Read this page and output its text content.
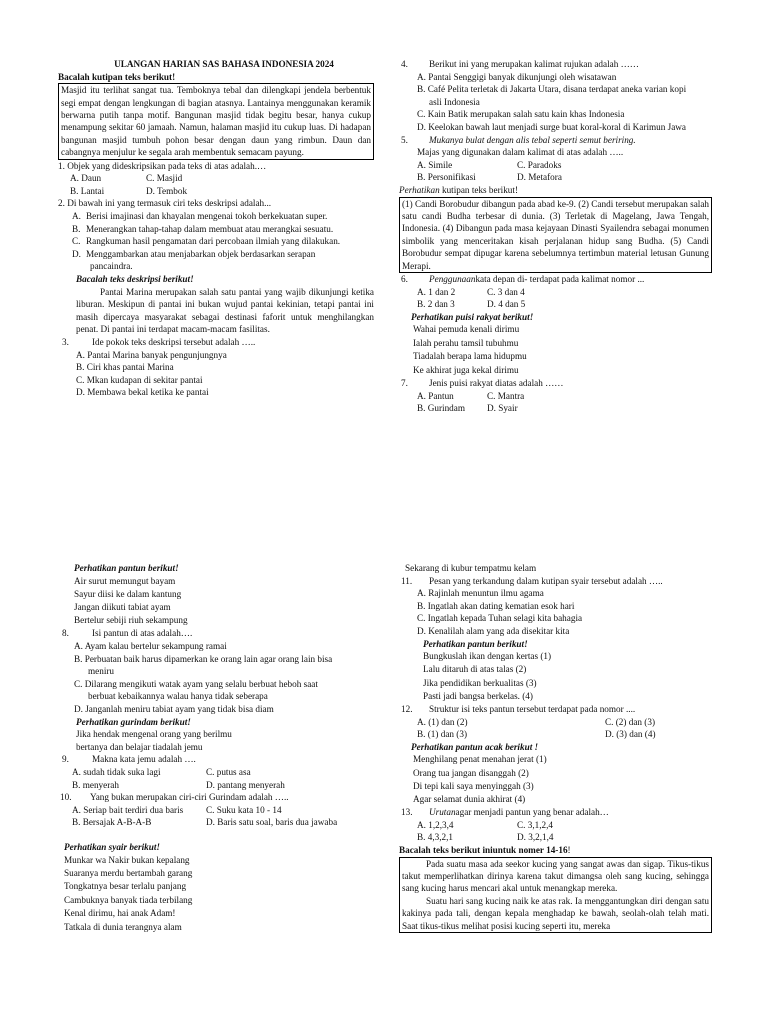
ULANGAN HARIAN SAS BAHASA INDONESIA 2024
Bacalah kutipan teks berikut!
Masjid itu terlihat sangat tua. Temboknya tebal dan dilengkapi jendela berbentuk segi empat dengan lengkungan di bagian atasnya. Lantainya menggunakan keramik berwarna putih tanpa motif. Bangunan masjid tidak begitu besar, hanya cukup menampung sekitar 60 jamaah. Namun, halaman masjid itu cukup luas. Di hadapan bangunan masjid tumbuh pohon besar dengan daun yang rimbun. Daun dan cabangnya menjulur ke segala arah membentuk semacam payung.
1. Objek yang dideskripsikan pada teks di atas adalah.…
A. Daun	C. Masjid
B. Lantai	D. Tembok
2. Di bawah ini yang termasuk ciri teks deskripsi adalah...
A. Berisi imajinasi dan khayalan mengenai tokoh berkekuatan super.
B. Menerangkan tahap-tahap dalam membuat atau merangkai sesuatu.
C. Rangkuman hasil pengamatan dari percobaan ilmiah yang dilakukan.
D. Menggambarkan atau menjabarkan objek berdasarkan serapan
pancaindra.
Bacalah teks deskripsi berikut!
Pantai Marina merupakan salah satu pantai yang wajib dikunjungi ketika liburan. Meskipun di pantai ini bukan wujud pantai kekinian, tetapi pantai ini masih dipercaya masyarakat sebagai destinasi faforit untuk menghilangkan penat. Di pantai ini terdapat macam-macam fasilitas.
3.	Ide pokok teks deskripsi tersebut adalah …..
A. Pantai Marina banyak pengunjungnya
B. Ciri khas pantai Marina
C. Mkan kudapan di sekitar pantai
D. Membawa bekal ketika ke pantai
4.	Berikut ini yang merupakan kalimat rujukan adalah ……
A. Pantai Senggigi banyak dikunjungi oleh wisatawan
B. Café Pelita terletak di Jakarta Utara, disana terdapat aneka varian kopi
asli Indonesia
C. Kain Batik merupakan salah satu kain khas Indonesia
D. Keelokan bawah laut menjadi surge buat koral-koral di Karimun Jawa
5.	Mukanya bulat dengan alis tebal seperti semut beriring.
Majas yang digunakan dalam kalimat di atas adalah …..
A. Simile	C. Paradoks
B. Personifikasi	D. Metafora
Perhatikan kutipan teks berikut!
(1) Candi Borobudur dibangun pada abad ke-9. (2) Candi tersebut merupakan salah satu candi Budha terbesar di dunia. (3) Terletak di Magelang, Jawa Tengah, Indonesia. (4) Dibangun pada masa kejayaan Dinasti Syailendra sebagai monumen simbolik yang menceritakan kisah perjalanan hidup sang Budha. (5) Candi Borobudur sempat dipugar karena sebelumnya tertimbun material letusan Gunung Merapi.
6.	Penggunaan kata depan di- terdapat pada kalimat nomor ...
A. 1 dan 2	C. 3 dan 4
B. 2 dan 3	D. 4 dan 5
Perhatikan puisi rakyat berikut!
Wahai pemuda kenali dirimu
Ialah perahu tamsil tubuhmu
Tiadalah berapa lama hidupmu
Ke akhirat juga kekal dirimu
7.	Jenis puisi rakyat diatas adalah ……
A. Pantun	C. Mantra
B. Gurindam	D. Syair
Perhatikan pantun berikut!
Air surut memungut bayam
Sayur diisi ke dalam kantung
Jangan diikuti tabiat ayam
Bertelur sebiji riuh sekampung
8.	Isi pantun di atas adalah….
A. Ayam kalau bertelur sekampung ramai
B. Perbuatan baik harus dipamerkan ke orang lain agar orang lain bisa
meniru
C. Dilarang mengikuti watak ayam yang selalu berbuat heboh saat
berbuat kebaikannya walau hanya tidak seberapa
D. Janganlah meniru tabiat ayam yang tidak bisa diam
Perhatikan gurindam berikut!
Jika hendak mengenal orang yang berilmu
bertanya dan belajar tiadalah jemu
9.	Makna kata jemu adalah ….
A. sudah tidak suka lagi	C. putus asa
B. menyerah	D. pantang menyerah
10.	Yang bukan merupakan ciri-ciri Gurindam adalah …..
A. Seriap bait terdiri dua baris	C. Suku kata 10 - 14
B. Bersajak A-B-A-B	D. Baris satu soal, baris dua jawaba
Perhatikan syair berikut!
Munkar wa Nakir bukan kepalang
Suaranya merdu bertambah garang
Tongkatnya besar terlalu panjang
Cambuknya banyak tiada terbilang
Kenal dirimu, hai anak Adam!
Tatkala di dunia terangnya alam
Sekarang di kubur tempatmu kelam
11.	Pesan yang terkandung dalam kutipan syair tersebut adalah …..
A. Rajinlah menuntun ilmu agama
B. Ingatlah akan dating kematian esok hari
C. Ingatlah kepada Tuhan selagi kita bahagia
D. Kenalilah alam yang ada disekitar kita
Perhatikan pantun berikut!
Bungkuslah ikan dengan kertas (1)
Lalu ditaruh di atas talas (2)
Jika pendidikan berkualitas (3)
Pasti jadi bangsa berkelas. (4)
12.	Struktur isi teks pantun tersebut terdapat pada nomor ....
A. (1) dan (2)	C. (2) dan (3)
B. (1) dan (3)	D. (3) dan (4)
Perhatikan pantun acak berikut !
Menghilang penat menahan jerat (1)
Orang tua jangan disanggah (2)
Di tepi kali saya menyinggah (3)
Agar selamat dunia akhirat (4)
13.	Urutan agar menjadi pantun yang benar adalah…
A. 1,2,3,4	C. 3,1,2,4
B. 4,3,2,1	D. 3,2,1,4
Bacalah teks berikut iniuntuk nomer 14-16!
Pada suatu masa ada seekor kucing yang sangat awas dan sigap. Tikus-tikus takut memperlihatkan dirinya karena takut dimangsa oleh sang kucing, sehingga sang kucing harus mencari akal untuk menangkap mereka.
Suatu hari sang kucing naik ke atas rak. Ia menggantungkan diri dengan satu kakinya pada tali, dengan kepala menghadap ke bawah, seolah-olah telah mati. Saat tikus-tikus melihat posisi kucing seperti itu, mereka
